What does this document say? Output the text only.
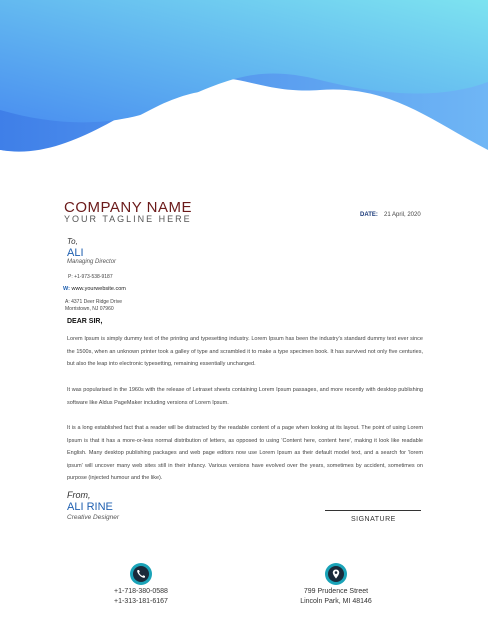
COMPANY NAME
YOUR TAGLINE HERE	DATE: 21 April, 2020
To,
ALI
Managing Director
P: +1-973-538-9187
W: www.yourwebsite.com
A: 4371 Deer Ridge Drive
Morristown, NJ 07960
DEAR SIR,

Lorem Ipsum is simply dummy text of the printing and typesetting industry. Lorem Ipsum has been the industry's standard dummy text ever since the 1500s, when an unknown printer took a galley of type and scrambled it to make a type specimen book. It has survived not only five centuries, but also the leap into electronic typesetting, remaining essentially unchanged.

It was popularised in the 1960s with the release of Letraset sheets containing Lorem Ipsum passages, and more recently with desktop publishing software like Aldus PageMaker including versions of Lorem Ipsum.

It is a long established fact that a reader will be distracted by the readable content of a page when looking at its layout. The point of using Lorem Ipsum is that it has a more-or-less normal distribution of letters, as opposed to using 'Content here, content here', making it look like readable English. Many desktop publishing packages and web page editors now use Lorem Ipsum as their default model text, and a search for 'lorem ipsum' will uncover many web sites still in their infancy. Various versions have evolved over the years, sometimes by accident, sometimes on purpose (injected humour and the like).

From,
ALI RINE
Creative Designer	SIGNATURE
+1-718-380-0588
+1-313-181-6167
799 Prudence Street
Lincoln Park, MI 48146
